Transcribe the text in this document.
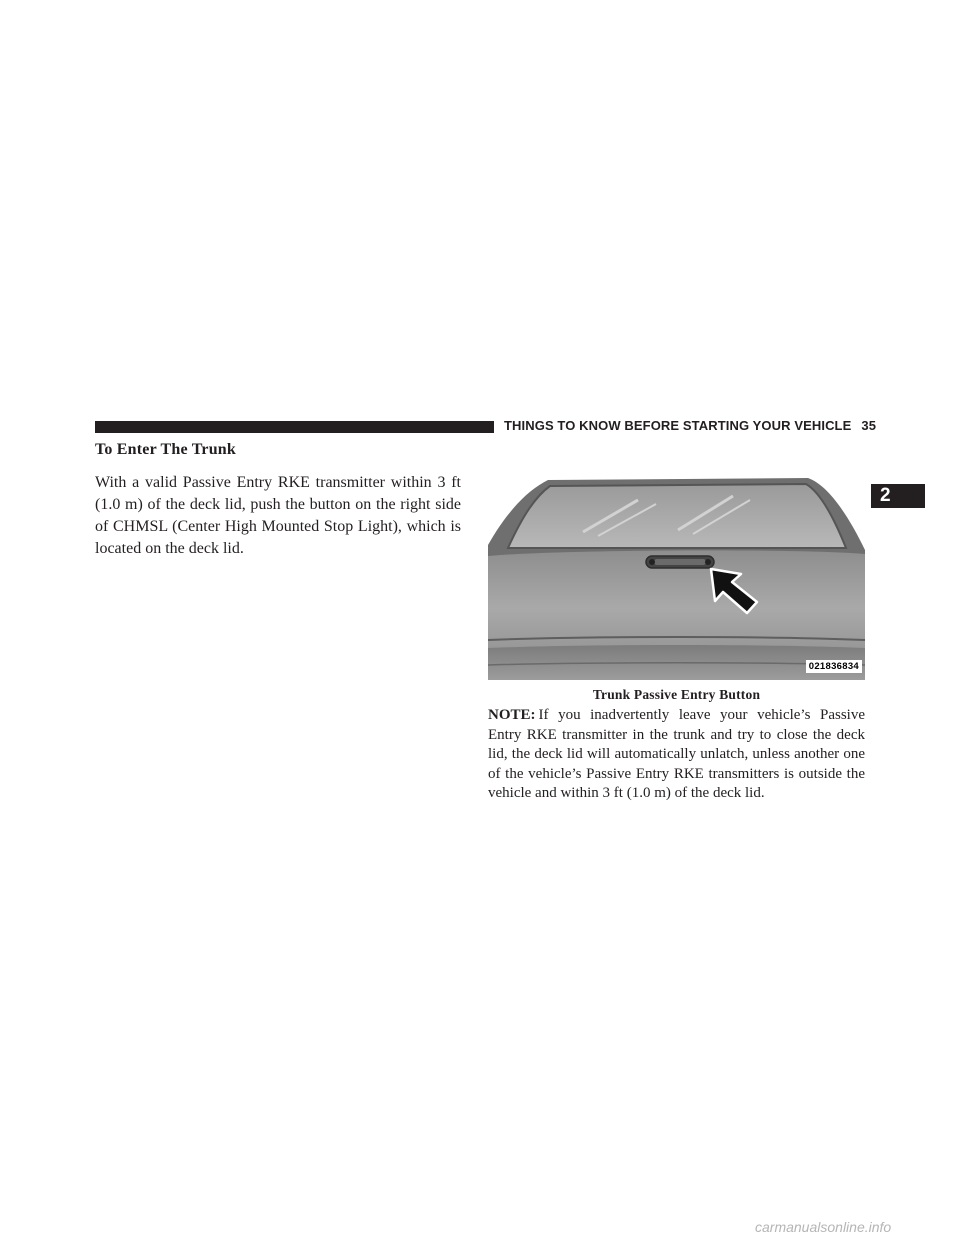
THINGS TO KNOW BEFORE STARTING YOUR VEHICLE 35
2
To Enter The Trunk

With a valid Passive Entry RKE transmitter within 3 ft (1.0 m) of the deck lid, push the button on the right side of CHMSL (Center High Mounted Stop Light), which is located on the deck lid.

021836834
Trunk Passive Entry Button

NOTE: If you inadvertently leave your vehicle’s Passive Entry RKE transmitter in the trunk and try to close the deck lid, the deck lid will automatically unlatch, unless another one of the vehicle’s Passive Entry RKE transmitters is outside the vehicle and within 3 ft (1.0 m) of the deck lid.

carmanualsonline.info
